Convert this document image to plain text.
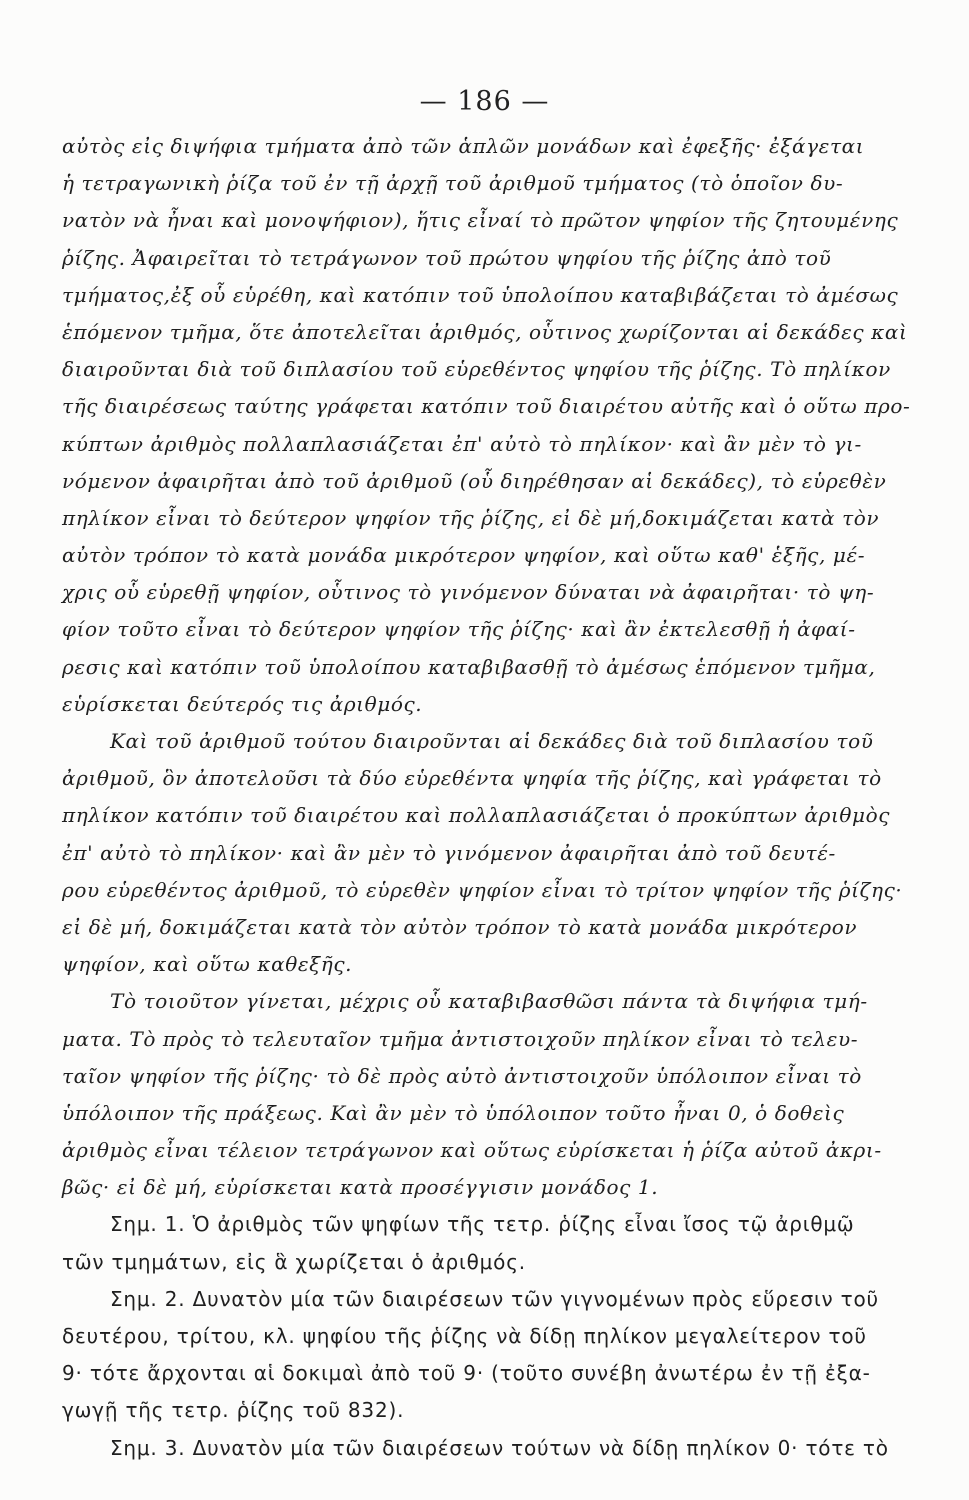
— 186 —
αὐτὸς εἰς διψήφια τμήματα ἀπὸ τῶν ἁπλῶν μονάδων καὶ ἐφεξῆς· ἐξάγεται
ἡ τετραγωνικὴ ῥίζα τοῦ ἐν τῇ ἀρχῇ τοῦ ἀριθμοῦ τμήματος (τὸ ὁποῖον δυ-
νατὸν νὰ ἦναι καὶ μονοψήφιον), ἥτις εἶναί τὸ πρῶτον ψηφίον τῆς ζητουμένης
ῥίζης. Ἀφαιρεῖται τὸ τετράγωνον τοῦ πρώτου ψηφίου τῆς ῥίζης ἀπὸ τοῦ
τμήματος,ἐξ οὗ εὑρέθη, καὶ κατόπιν τοῦ ὑπολοίπου καταβιβάζεται τὸ ἀμέσως
ἑπόμενον τμῆμα, ὅτε ἀποτελεῖται ἀριθμός, οὗτινος χωρίζονται αἱ δεκάδες καὶ
διαιροῦνται διὰ τοῦ διπλασίου τοῦ εὑρεθέντος ψηφίου τῆς ῥίζης. Τὸ πηλίκον
τῆς διαιρέσεως ταύτης γράφεται κατόπιν τοῦ διαιρέτου αὐτῆς καὶ ὁ οὕτω προ-
κύπτων ἀριθμὸς πολλαπλασιάζεται ἐπ' αὐτὸ τὸ πηλίκον· καὶ ἂν μὲν τὸ γι-
νόμενον ἀφαιρῆται ἀπὸ τοῦ ἀριθμοῦ (οὗ διηρέθησαν αἱ δεκάδες), τὸ εὑρεθὲν
πηλίκον εἶναι τὸ δεύτερον ψηφίον τῆς ῥίζης, εἰ δὲ μή,δοκιμάζεται κατὰ τὸν
αὐτὸν τρόπον τὸ κατὰ μονάδα μικρότερον ψηφίον, καὶ οὕτω καθ' ἑξῆς, μέ-
χρις οὗ εὑρεθῇ ψηφίον, οὗτινος τὸ γινόμενον δύναται νὰ ἀφαιρῆται· τὸ ψη-
φίον τοῦτο εἶναι τὸ δεύτερον ψηφίον τῆς ῥίζης· καὶ ἂν ἐκτελεσθῇ ἡ ἀφαί-
ρεσις καὶ κατόπιν τοῦ ὑπολοίπου καταβιβασθῇ τὸ ἀμέσως ἑπόμενον τμῆμα,
εὑρίσκεται δεύτερός τις ἀριθμός.
Καὶ τοῦ ἀριθμοῦ τούτου διαιροῦνται αἱ δεκάδες διὰ τοῦ διπλασίου τοῦ
ἀριθμοῦ, ὃν ἀποτελοῦσι τὰ δύο εὑρεθέντα ψηφία τῆς ῥίζης, καὶ γράφεται τὸ
πηλίκον κατόπιν τοῦ διαιρέτου καὶ πολλαπλασιάζεται ὁ προκύπτων ἀριθμὸς
ἐπ' αὐτὸ τὸ πηλίκον· καὶ ἂν μὲν τὸ γινόμενον ἀφαιρῆται ἀπὸ τοῦ δευτέ-
ρου εὑρεθέντος ἀριθμοῦ, τὸ εὑρεθὲν ψηφίον εἶναι τὸ τρίτον ψηφίον τῆς ῥίζης·
εἰ δὲ μή, δοκιμάζεται κατὰ τὸν αὐτὸν τρόπον τὸ κατὰ μονάδα μικρότερον
ψηφίον, καὶ οὕτω καθεξῆς.
Τὸ τοιοῦτον γίνεται, μέχρις οὗ καταβιβασθῶσι πάντα τὰ διψήφια τμή-
ματα. Τὸ πρὸς τὸ τελευταῖον τμῆμα ἀντιστοιχοῦν πηλίκον εἶναι τὸ τελευ-
ταῖον ψηφίον τῆς ῥίζης· τὸ δὲ πρὸς αὐτὸ ἀντιστοιχοῦν ὑπόλοιπον εἶναι τὸ
ὑπόλοιπον τῆς πράξεως. Καὶ ἂν μὲν τὸ ὑπόλοιπον τοῦτο ἦναι 0, ὁ δοθεὶς
ἀριθμὸς εἶναι τέλειον τετράγωνον καὶ οὕτως εὑρίσκεται ἡ ῥίζα αὐτοῦ ἀκρι-
βῶς· εἰ δὲ μή, εὑρίσκεται κατὰ προσέγγισιν μονάδος 1.
Σημ. 1. Ὁ ἀριθμὸς τῶν ψηφίων τῆς τετρ. ῥίζης εἶναι ἴσος τῷ ἀριθμῷ
τῶν τμημάτων, εἰς ἃ χωρίζεται ὁ ἀριθμός.
Σημ. 2. Δυνατὸν μία τῶν διαιρέσεων τῶν γιγνομένων πρὸς εὕρεσιν τοῦ
δευτέρου, τρίτου, κλ. ψηφίου τῆς ῥίζης νὰ δίδῃ πηλίκον μεγαλείτερον τοῦ
9· τότε ἄρχονται αἱ δοκιμαὶ ἀπὸ τοῦ 9· (τοῦτο συνέβη ἀνωτέρω ἐν τῇ ἐξα-
γωγῇ τῆς τετρ. ῥίζης τοῦ 832).
Σημ. 3. Δυνατὸν μία τῶν διαιρέσεων τούτων νὰ δίδῃ πηλίκον 0· τότε τὸ
